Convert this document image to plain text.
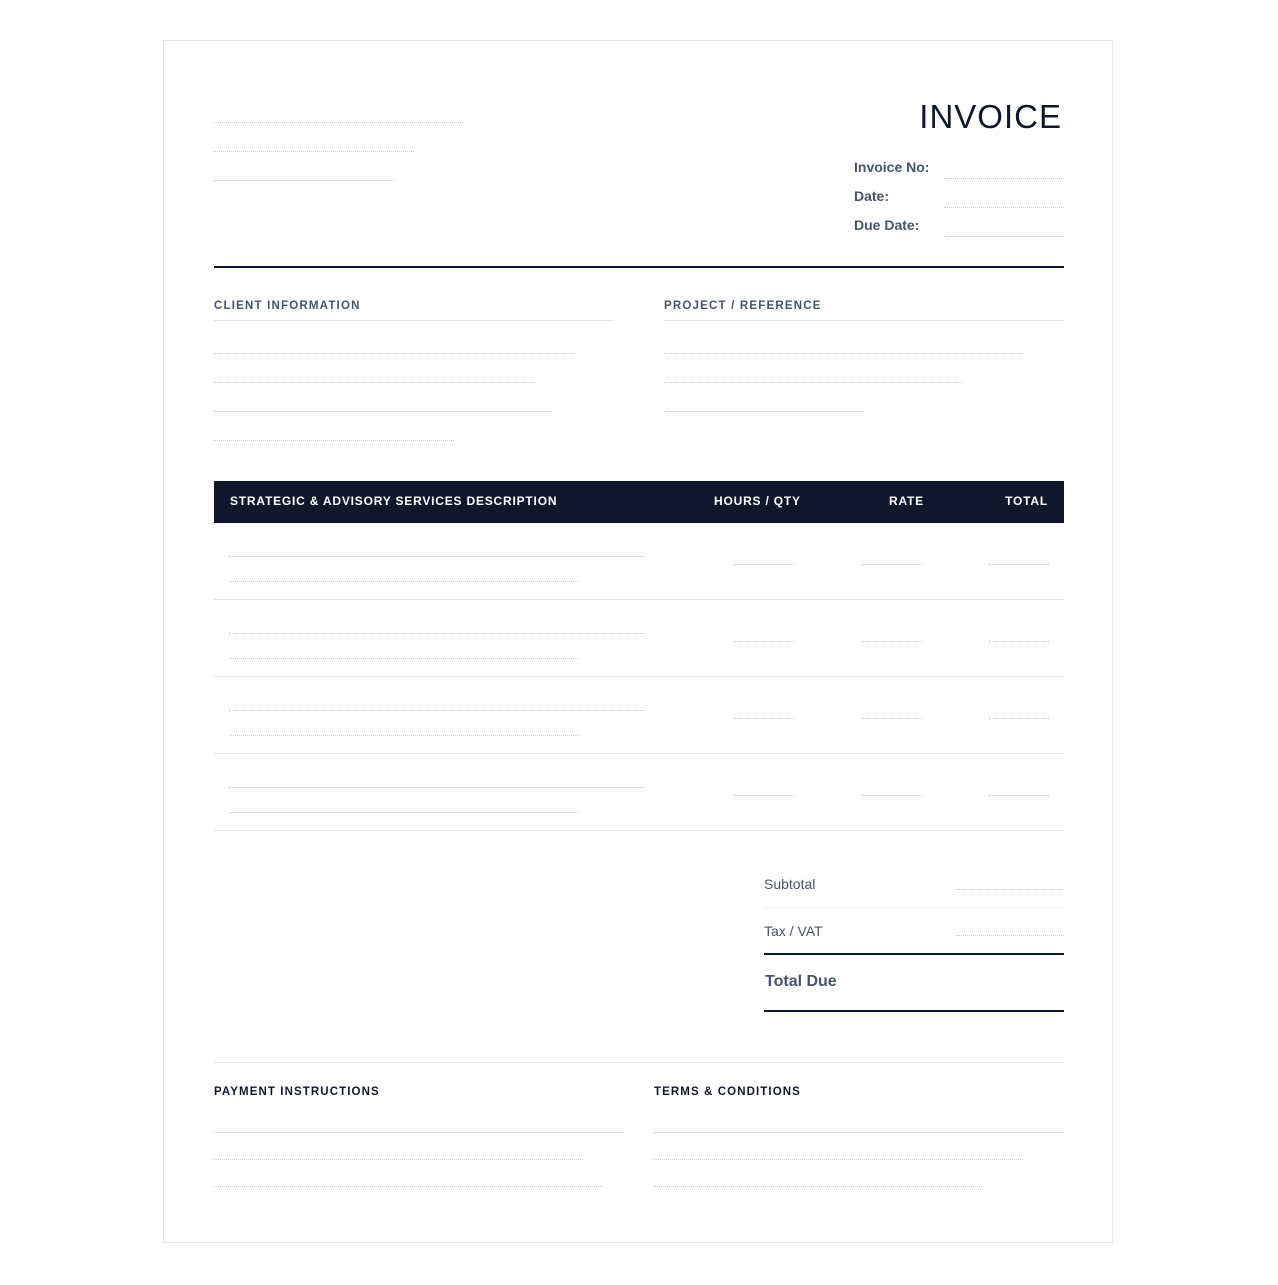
INVOICE
Invoice No:
Date:
Due Date:
CLIENT INFORMATION	PROJECT / REFERENCE
STRATEGIC & ADVISORY SERVICES DESCRIPTION	HOURS / QTY	RATE	TOTAL
Subtotal
Tax / VAT
Total Due
PAYMENT INSTRUCTIONS	TERMS & CONDITIONS
